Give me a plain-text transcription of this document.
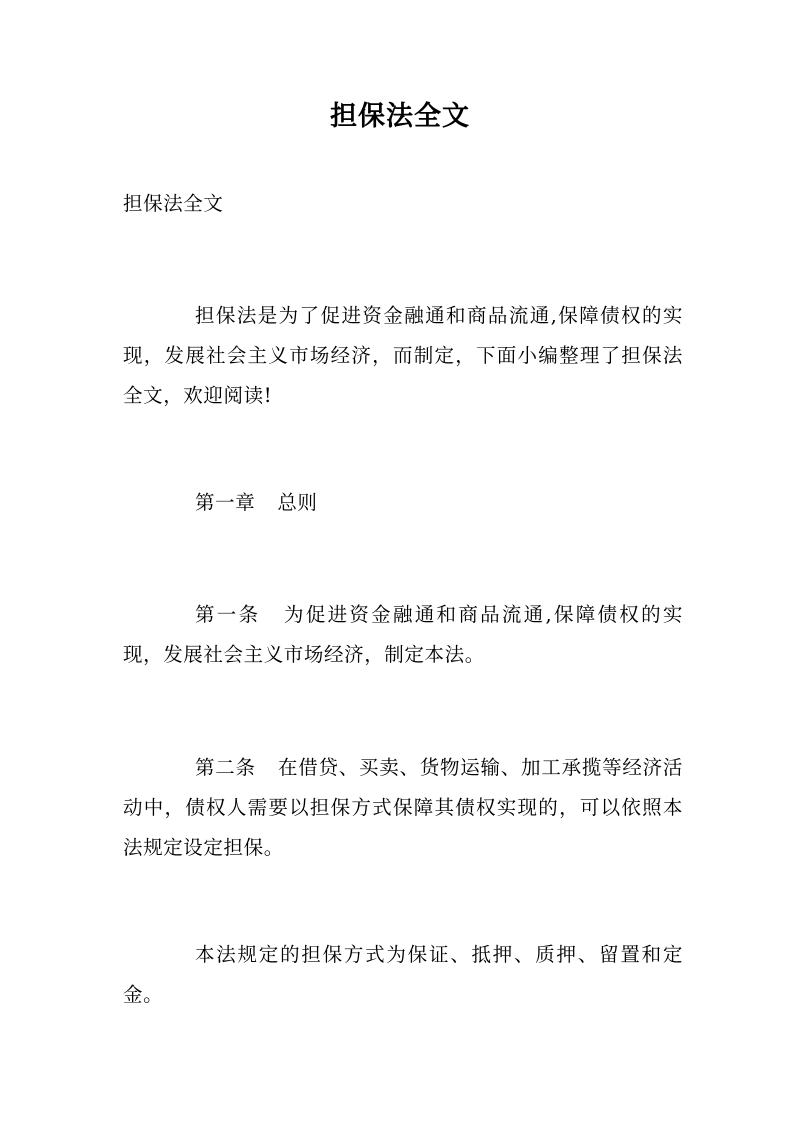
担保法全文

担保法全文

担保法是为了促进资金融通和商品流通,保障债权的实现，发展社会主义市场经济，而制定，下面小编整理了担保法全文，欢迎阅读!

第一章 总则

第一条 为促进资金融通和商品流通,保障债权的实现，发展社会主义市场经济，制定本法。

第二条 在借贷、买卖、货物运输、加工承揽等经济活动中，债权人需要以担保方式保障其债权实现的，可以依照本法规定设定担保。

本法规定的担保方式为保证、抵押、质押、留置和定金。
